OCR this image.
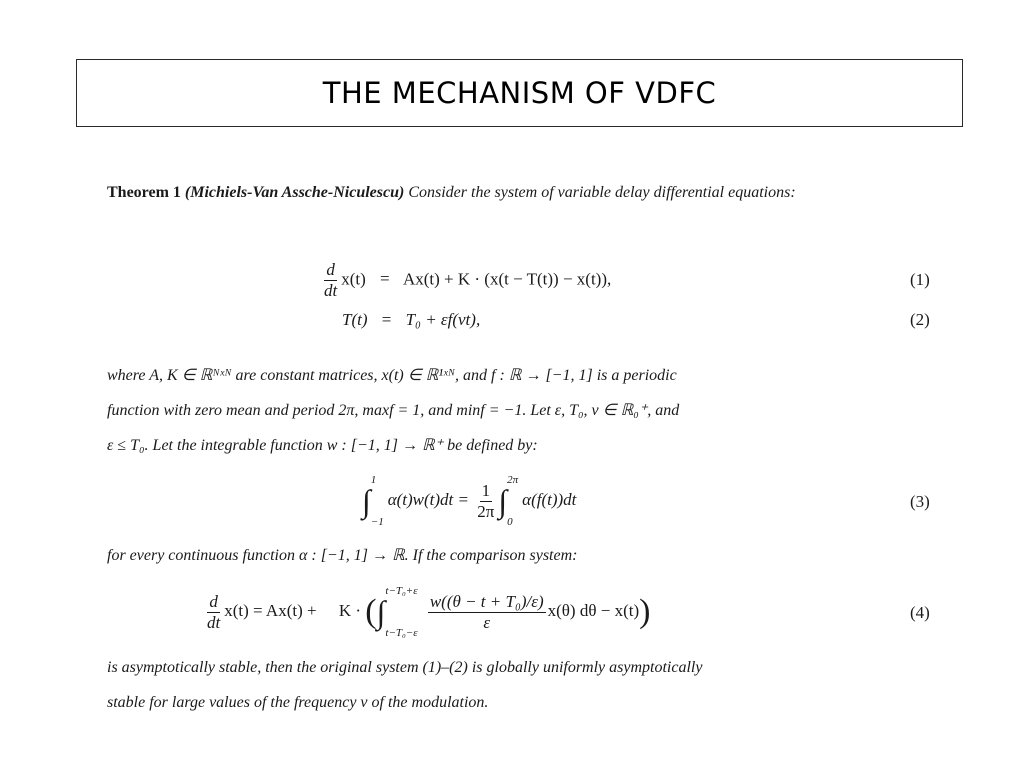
THE MECHANISM OF VDFC
Theorem 1 (Michiels-Van Assche-Niculescu) Consider the system of variable delay differential equations:
$\frac{d}{dt} x(t) = Ax(t) + K \cdot (x(t - T(t)) - x(t))$,	(1)
T(t) = T₀ + εf(νt),	(2)
where A, K ∈ ℝᴺˣᴺ are constant matrices, x(t) ∈ ℝ¹ˣᴺ, and f : ℝ → [−1, 1] is a periodic
function with zero mean and period 2π, maxf = 1, and minf = −1. Let ε, T₀, ν ∈ ℝ₀⁺, and
ε ≤ T₀. Let the integrable function w : [−1, 1] → ℝ⁺ be defined by:
∫
1
−1
$\alpha(t)w(t)dt = \frac{1}{2\pi}$ ∫
2π
0
α(f(t))dt	(3)
for every continuous function α : [−1, 1] → ℝ. If the comparison system:
$\frac{d}{dt} x(t) = Ax(t) + K$ · (∫
t−T₀+ε
t−T₀−ε

$\frac{\text{w((θ − t + T₀)/ε)}}{\varepsilon} x(\theta) d\theta - x(t)$)	(4)
is asymptotically stable, then the original system (1)–(2) is globally uniformly asymptotically
stable for large values of the frequency ν of the modulation.
